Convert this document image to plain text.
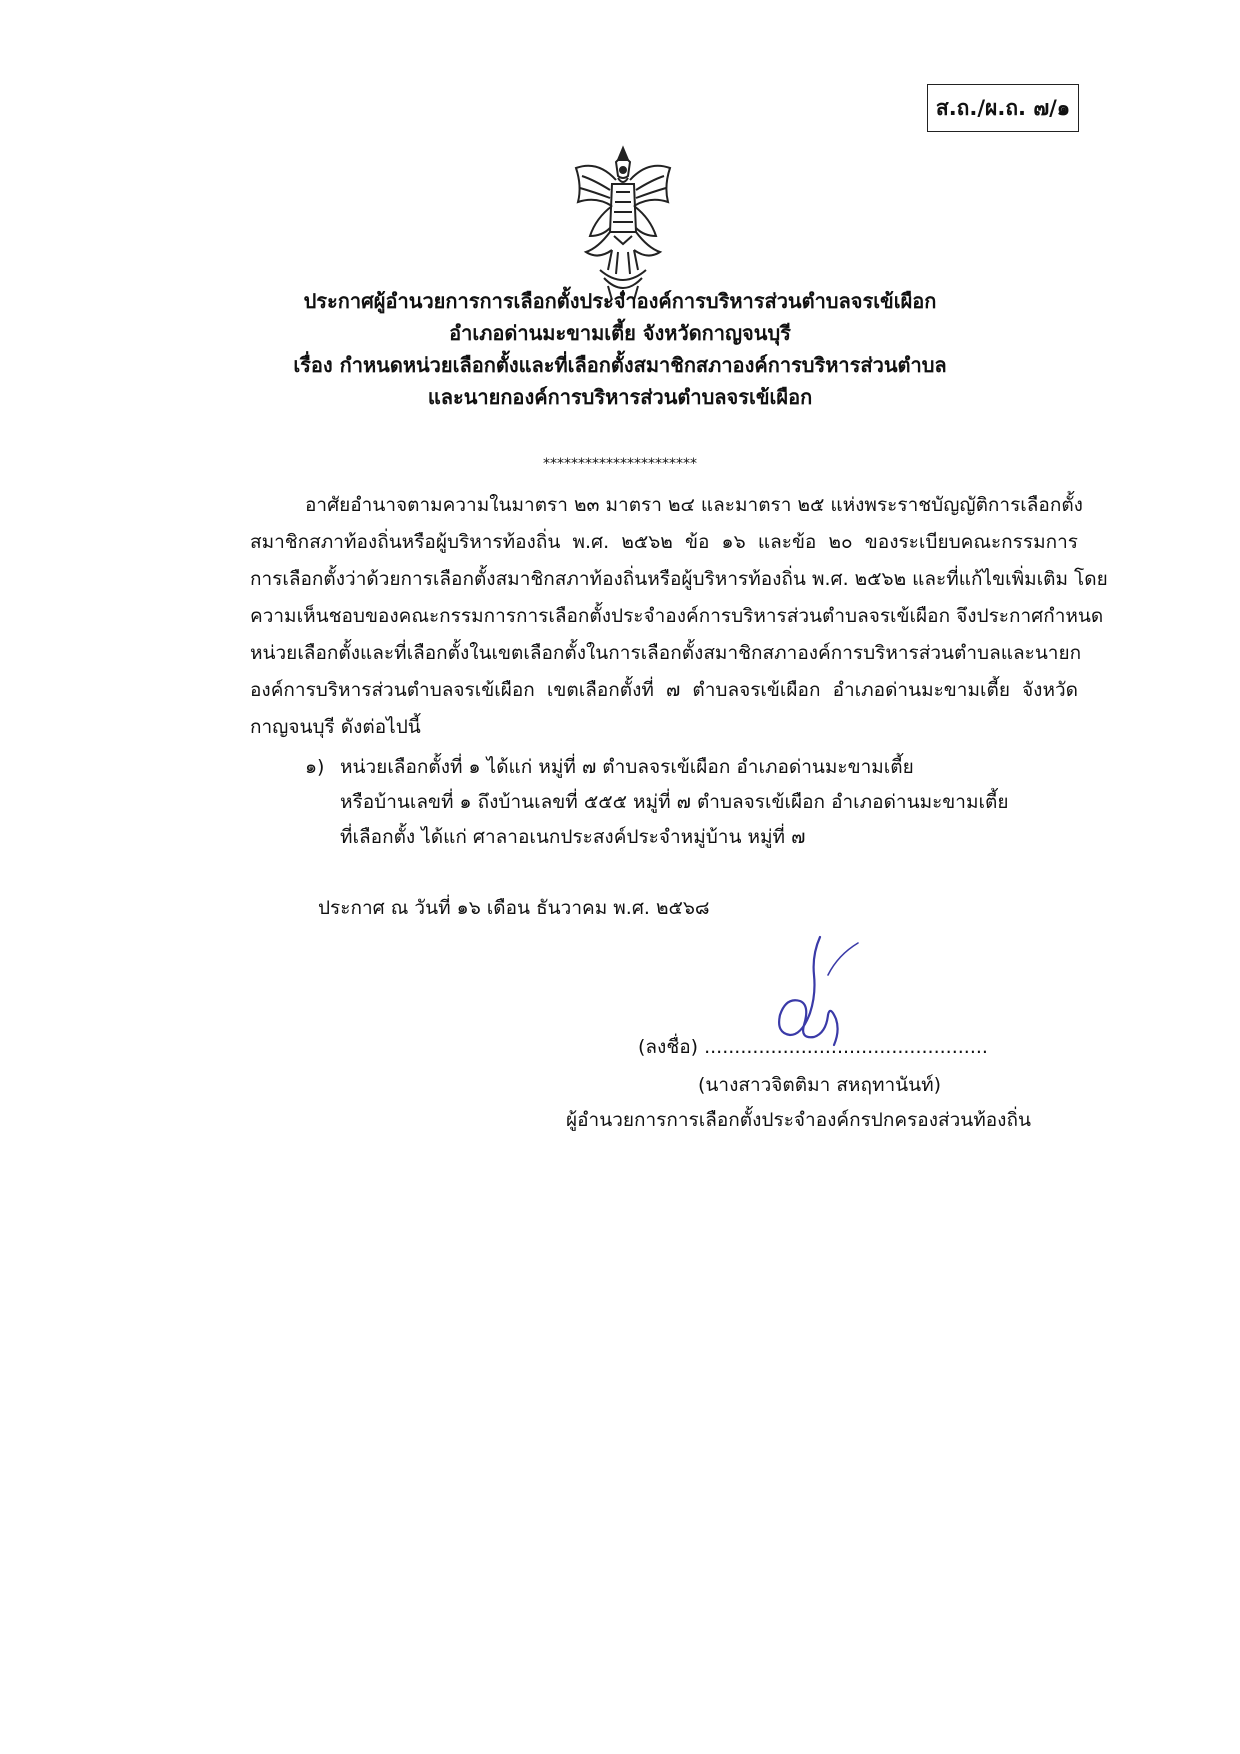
ส.ถ./ผ.ถ. ๗/๑
ประกาศผู้อำนวยการการเลือกตั้งประจำองค์การบริหารส่วนตำบลจรเข้เผือก
อำเภอด่านมะขามเตี้ย จังหวัดกาญจนบุรี
เรื่อง กำหนดหน่วยเลือกตั้งและที่เลือกตั้งสมาชิกสภาองค์การบริหารส่วนตำบล
และนายกองค์การบริหารส่วนตำบลจรเข้เผือก
**********************
อาศัยอำนาจตามความในมาตรา ๒๓ มาตรา ๒๔ และมาตรา ๒๕ แห่งพระราชบัญญัติการเลือกตั้ง
สมาชิกสภาท้องถิ่นหรือผู้บริหารท้องถิ่น พ.ศ. ๒๕๖๒ ข้อ ๑๖ และข้อ ๒๐ ของระเบียบคณะกรรมการ
การเลือกตั้งว่าด้วยการเลือกตั้งสมาชิกสภาท้องถิ่นหรือผู้บริหารท้องถิ่น พ.ศ. ๒๕๖๒ และที่แก้ไขเพิ่มเติม โดย
ความเห็นชอบของคณะกรรมการการเลือกตั้งประจำองค์การบริหารส่วนตำบลจรเข้เผือก จึงประกาศกำหนด
หน่วยเลือกตั้งและที่เลือกตั้งในเขตเลือกตั้งในการเลือกตั้งสมาชิกสภาองค์การบริหารส่วนตำบลและนายก
องค์การบริหารส่วนตำบลจรเข้เผือก เขตเลือกตั้งที่ ๗ ตำบลจรเข้เผือก อำเภอด่านมะขามเตี้ย จังหวัด
กาญจนบุรี ดังต่อไปนี้
๑) หน่วยเลือกตั้งที่ ๑ ได้แก่ หมู่ที่ ๗ ตำบลจรเข้เผือก อำเภอด่านมะขามเตี้ย
หรือบ้านเลขที่ ๑ ถึงบ้านเลขที่ ๕๕๕ หมู่ที่ ๗ ตำบลจรเข้เผือก อำเภอด่านมะขามเตี้ย
ที่เลือกตั้ง ได้แก่ ศาลาอเนกประสงค์ประจำหมู่บ้าน หมู่ที่ ๗
ประกาศ ณ วันที่ ๑๖ เดือน ธันวาคม พ.ศ. ๒๕๖๘
(ลงชื่อ) ...............................................
(นางสาวจิตติมา สหฤทานันท์)
ผู้อำนวยการการเลือกตั้งประจำองค์กรปกครองส่วนท้องถิ่น
